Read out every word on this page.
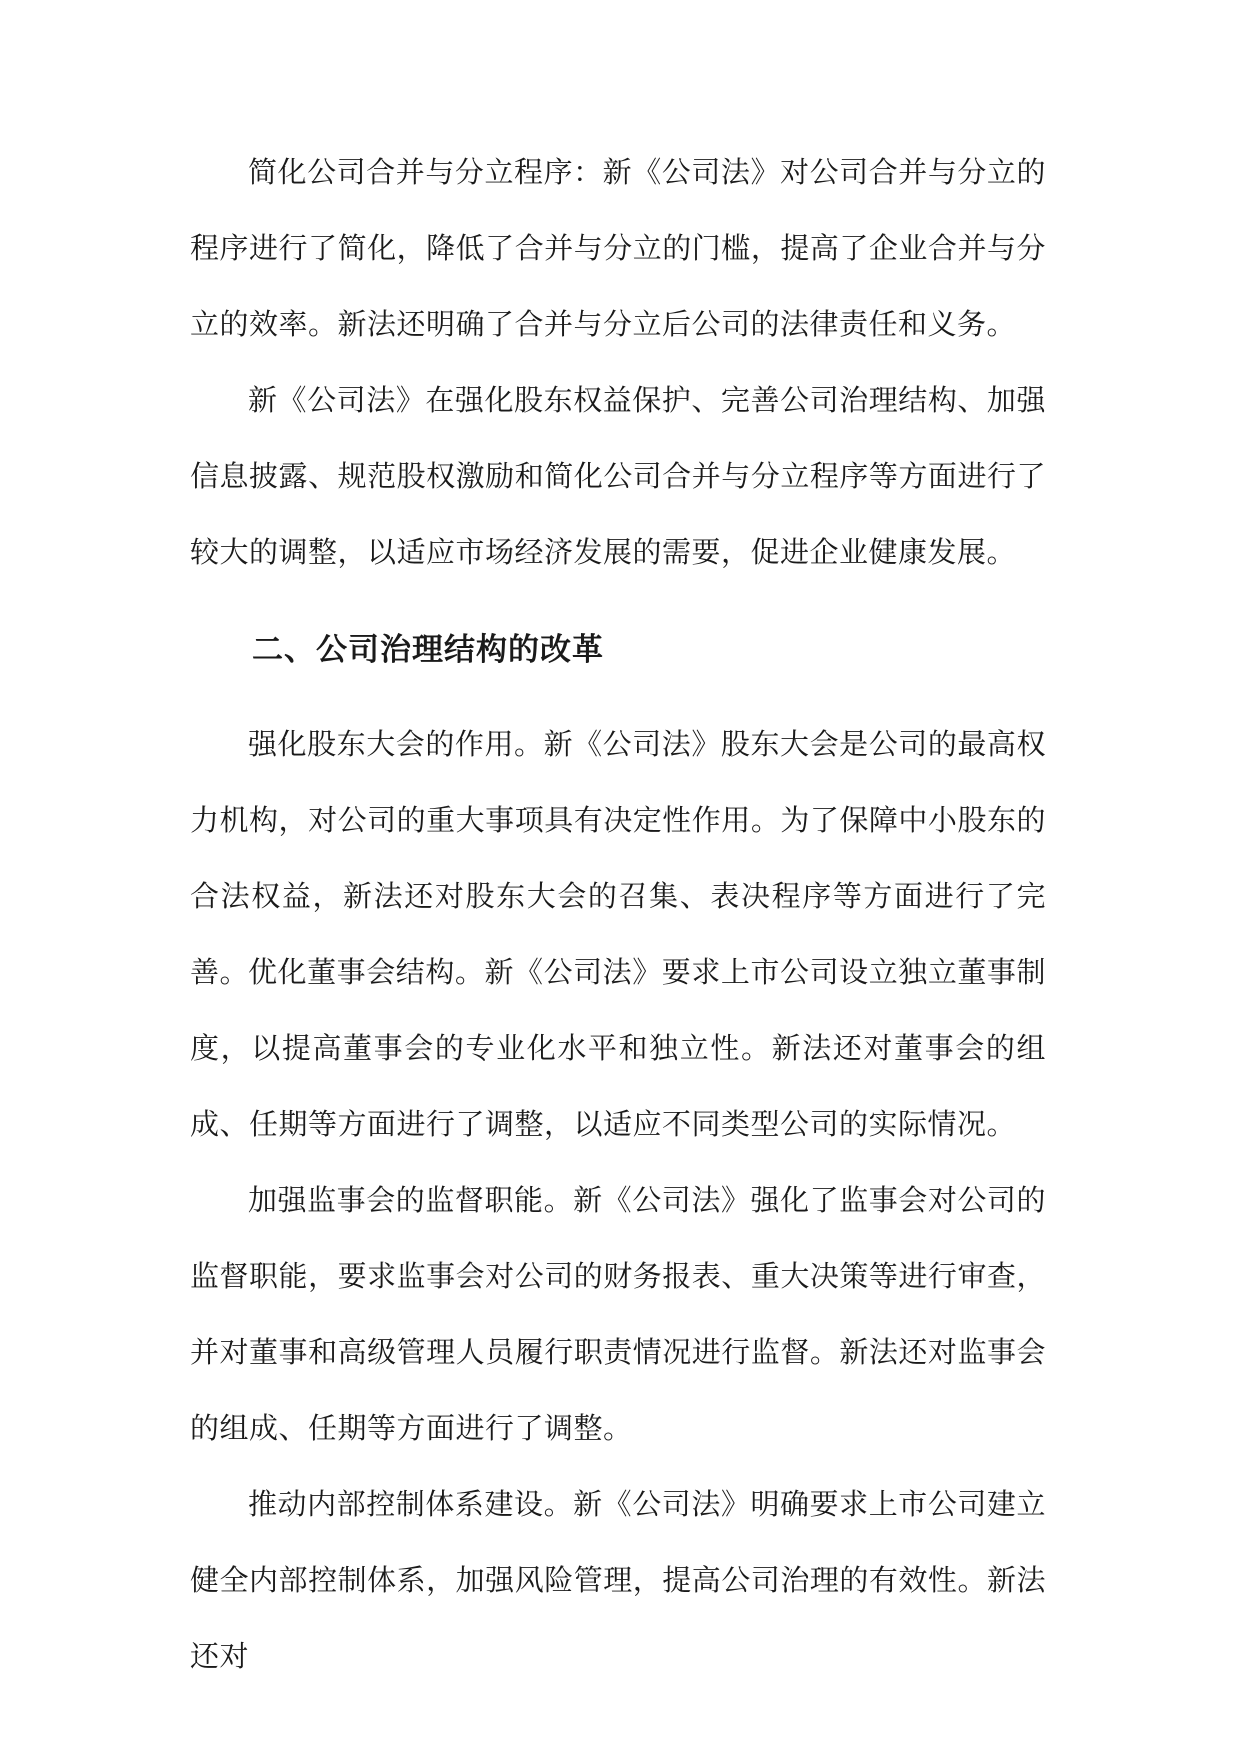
简化公司合并与分立程序：新《公司法》对公司合并与分立的程序进行了简化，降低了合并与分立的门槛，提高了企业合并与分立的效率。新法还明确了合并与分立后公司的法律责任和义务。

新《公司法》在强化股东权益保护、完善公司治理结构、加强信息披露、规范股权激励和简化公司合并与分立程序等方面进行了较大的调整，以适应市场经济发展的需要，促进企业健康发展。

二、公司治理结构的改革

强化股东大会的作用。新《公司法》股东大会是公司的最高权力机构，对公司的重大事项具有决定性作用。为了保障中小股东的合法权益，新法还对股东大会的召集、表决程序等方面进行了完善。

优化董事会结构。新《公司法》要求上市公司设立独立董事制度，以提高董事会的专业化水平和独立性。新法还对董事会的组成、任期等方面进行了调整，以适应不同类型公司的实际情况。

加强监事会的监督职能。新《公司法》强化了监事会对公司的监督职能，要求监事会对公司的财务报表、重大决策等进行审查，并对董事和高级管理人员履行职责情况进行监督。新法还对监事会的组成、任期等方面进行了调整。

推动内部控制体系建设。新《公司法》明确要求上市公司建立健全内部控制体系，加强风险管理，提高公司治理的有效性。新法还对
